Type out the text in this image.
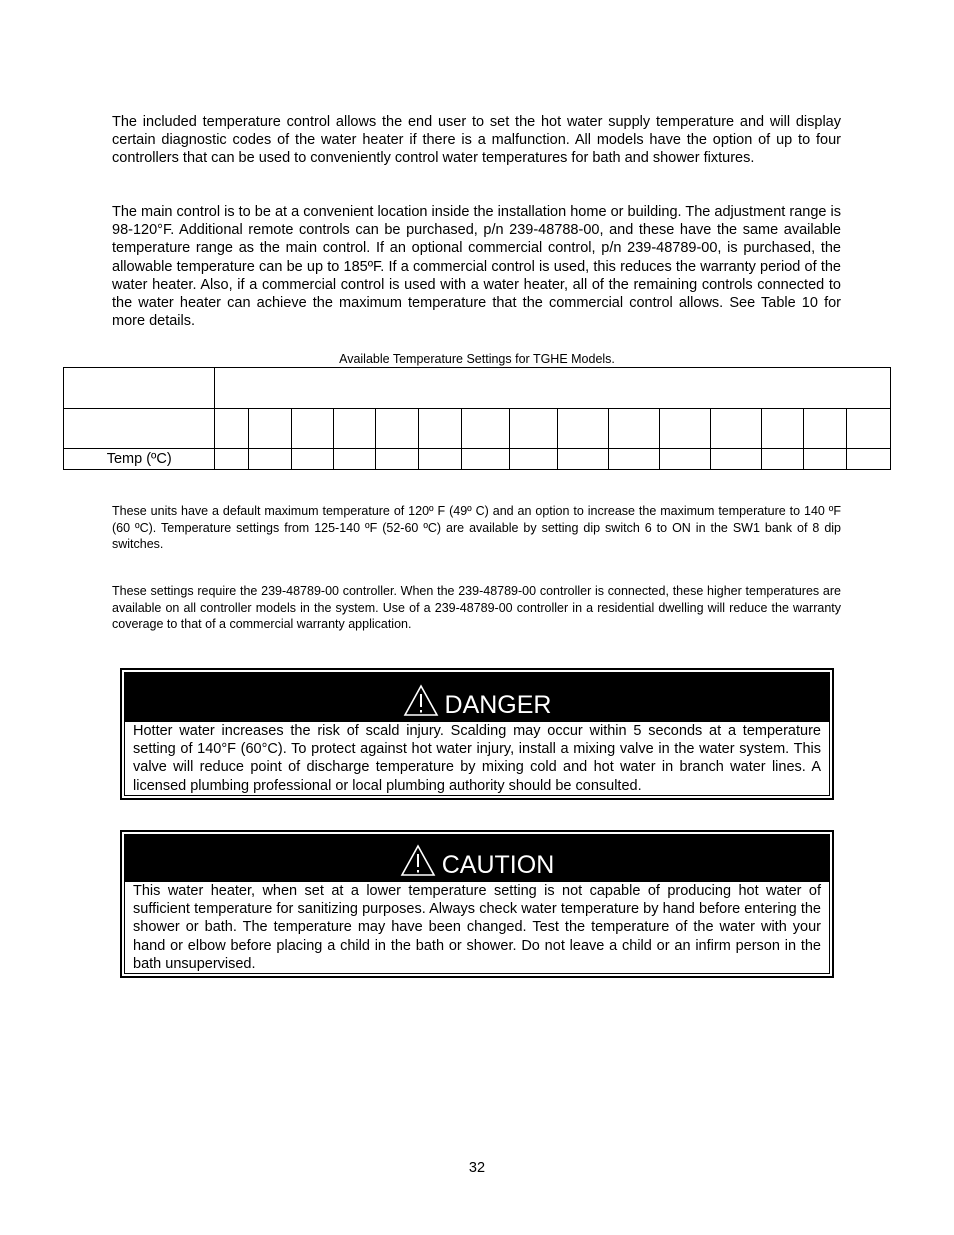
The included temperature control allows the end user to set the hot water supply temperature and will display certain diagnostic codes of the water heater if there is a malfunction. All models have the option of up to four controllers that can be used to conveniently control water temperatures for bath and shower fixtures.

The main control is to be at a convenient location inside the installation home or building. The adjustment range is 98-120°F. Additional remote controls can be purchased, p/n 239-48788-00, and these have the same available temperature range as the main control. If an optional commercial control, p/n 239-48789-00, is purchased, the allowable temperature can be up to 185ºF. If a commercial control is used, this reduces the warranty period of the water heater. Also, if a commercial control is used with a water heater, all of the remaining controls connected to the water heater can achieve the maximum temperature that the commercial control allows. See Table 10 for more details.

Available Temperature Settings for TGHE Models.

Temp (ºC)															

These units have a default maximum temperature of 120º F (49º C) and an option to increase the maximum temperature to 140 ºF (60 ºC). Temperature settings from 125-140 ºF (52-60 ºC) are available by setting dip switch 6 to ON in the SW1 bank of 8 dip switches.

These settings require the 239-48789-00 controller. When the 239-48789-00 controller is connected, these higher temperatures are available on all controller models in the system. Use of a 239-48789-00 controller in a residential dwelling will reduce the warranty coverage to that of a commercial warranty application.

DANGER
Hotter water increases the risk of scald injury. Scalding may occur within 5 seconds at a temperature setting of 140°F (60°C). To protect against hot water injury, install a mixing valve in the water system. This valve will reduce point of discharge temperature by mixing cold and hot water in branch water lines. A licensed plumbing professional or local plumbing authority should be consulted.
CAUTION
This water heater, when set at a lower temperature setting is not capable of producing hot water of sufficient temperature for sanitizing purposes. Always check water temperature by hand before entering the shower or bath. The temperature may have been changed. Test the temperature of the water with your hand or elbow before placing a child in the bath or shower. Do not leave a child or an infirm person in the bath unsupervised.
32
